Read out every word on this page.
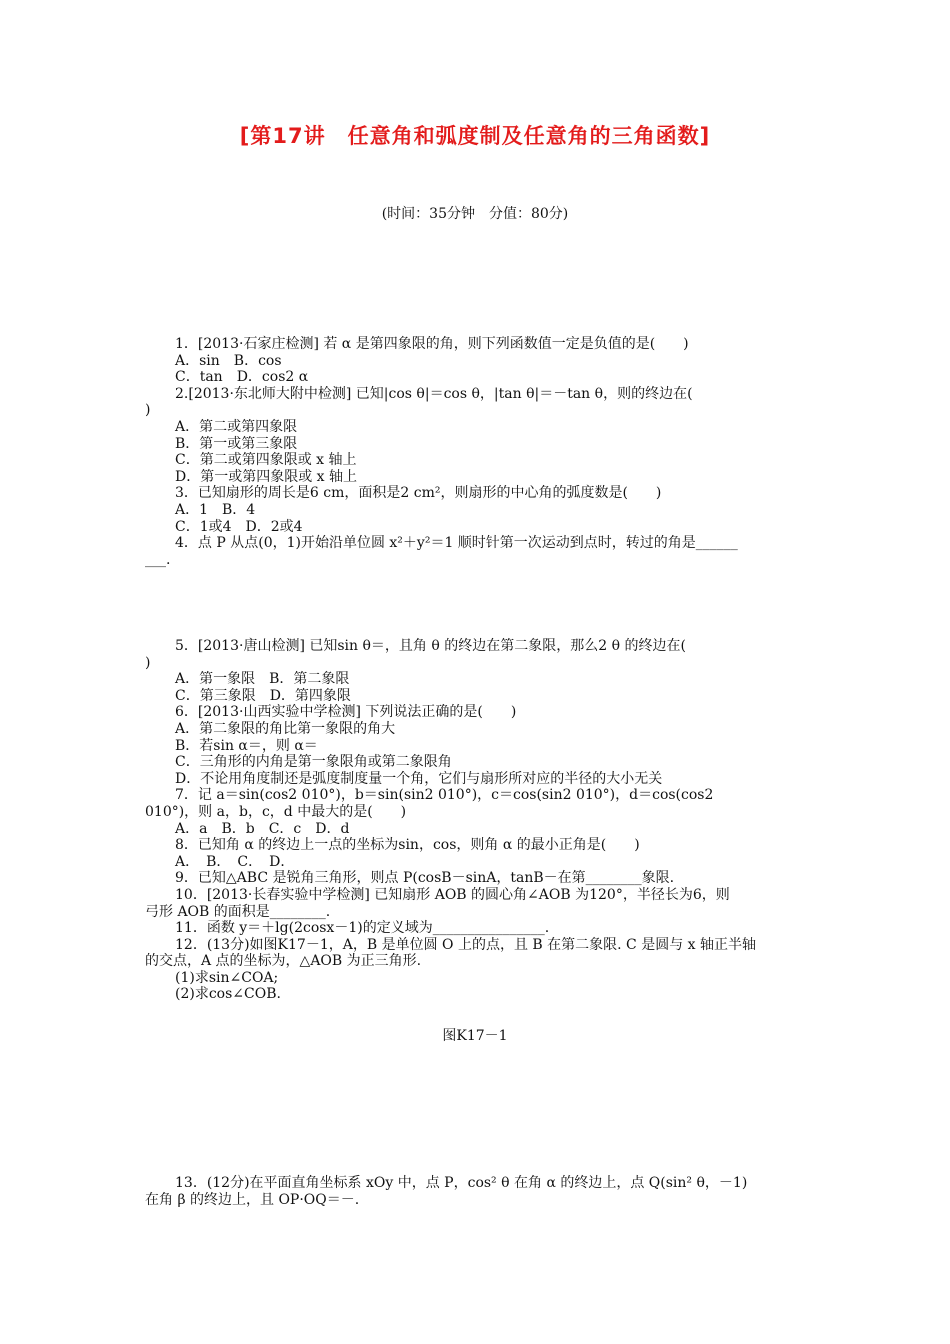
[第17讲　任意角和弧度制及任意角的三角函数]
(时间：35分钟　分值：80分)
1．[2013·石家庄检测] 若 α 是第四象限的角，则下列函数值一定是负值的是(　　)
A．sin　B．cos
C．tan　D．cos2 α
2.[2013·东北师大附中检测] 已知|cos θ|＝cos θ，|tan θ|＝－tan θ，则的终边在(
)
A．第二或第四象限
B．第一或第三象限
C．第二或第四象限或 x 轴上
D．第一或第四象限或 x 轴上
3．已知扇形的周长是6 cm，面积是2 cm²，则扇形的中心角的弧度数是(　　)
A．1　B．4
C．1或4　D．2或4
4．点 P 从点(0，1)开始沿单位圆 x²＋y²＝1 顺时针第一次运动到点时，转过的角是______
___.
5．[2013·唐山检测] 已知sin θ＝，且角 θ 的终边在第二象限，那么2 θ 的终边在(
)
A．第一象限　B．第二象限
C．第三象限　D．第四象限
6．[2013·山西实验中学检测] 下列说法正确的是(　　)
A．第二象限的角比第一象限的角大
B．若sin α＝，则 α＝
C．三角形的内角是第一象限角或第二象限角
D．不论用角度制还是弧度制度量一个角，它们与扇形所对应的半径的大小无关
7．记 a＝sin(cos2 010°)，b＝sin(sin2 010°)，c＝cos(sin2 010°)，d＝cos(cos2
010°)，则 a，b，c，d 中最大的是(　　)
A．a　B．b　C．c　D．d
8．已知角 α 的终边上一点的坐标为sin，cos，则角 α 的最小正角是(　　)
A．　B．　C．　D．
9．已知△ABC 是锐角三角形，则点 P(cosB－sinA，tanB－在第________象限.
10．[2013·长春实验中学检测] 已知扇形 AOB 的圆心角∠AOB 为120°，半径长为6，则
弓形 AOB 的面积是________.
11．函数 y＝＋lg(2cosx－1)的定义域为________________.
12．(13分)如图K17－1，A，B 是单位圆 O 上的点，且 B 在第二象限. C 是圆与 x 轴正半轴
的交点，A 点的坐标为，△AOB 为正三角形.
(1)求sin∠COA;
(2)求cos∠COB.
图K17－1
13．(12分)在平面直角坐标系 xOy 中，点 P，cos² θ 在角 α 的终边上，点 Q(sin² θ，－1)
在角 β 的终边上，且 OP·OQ＝－.
